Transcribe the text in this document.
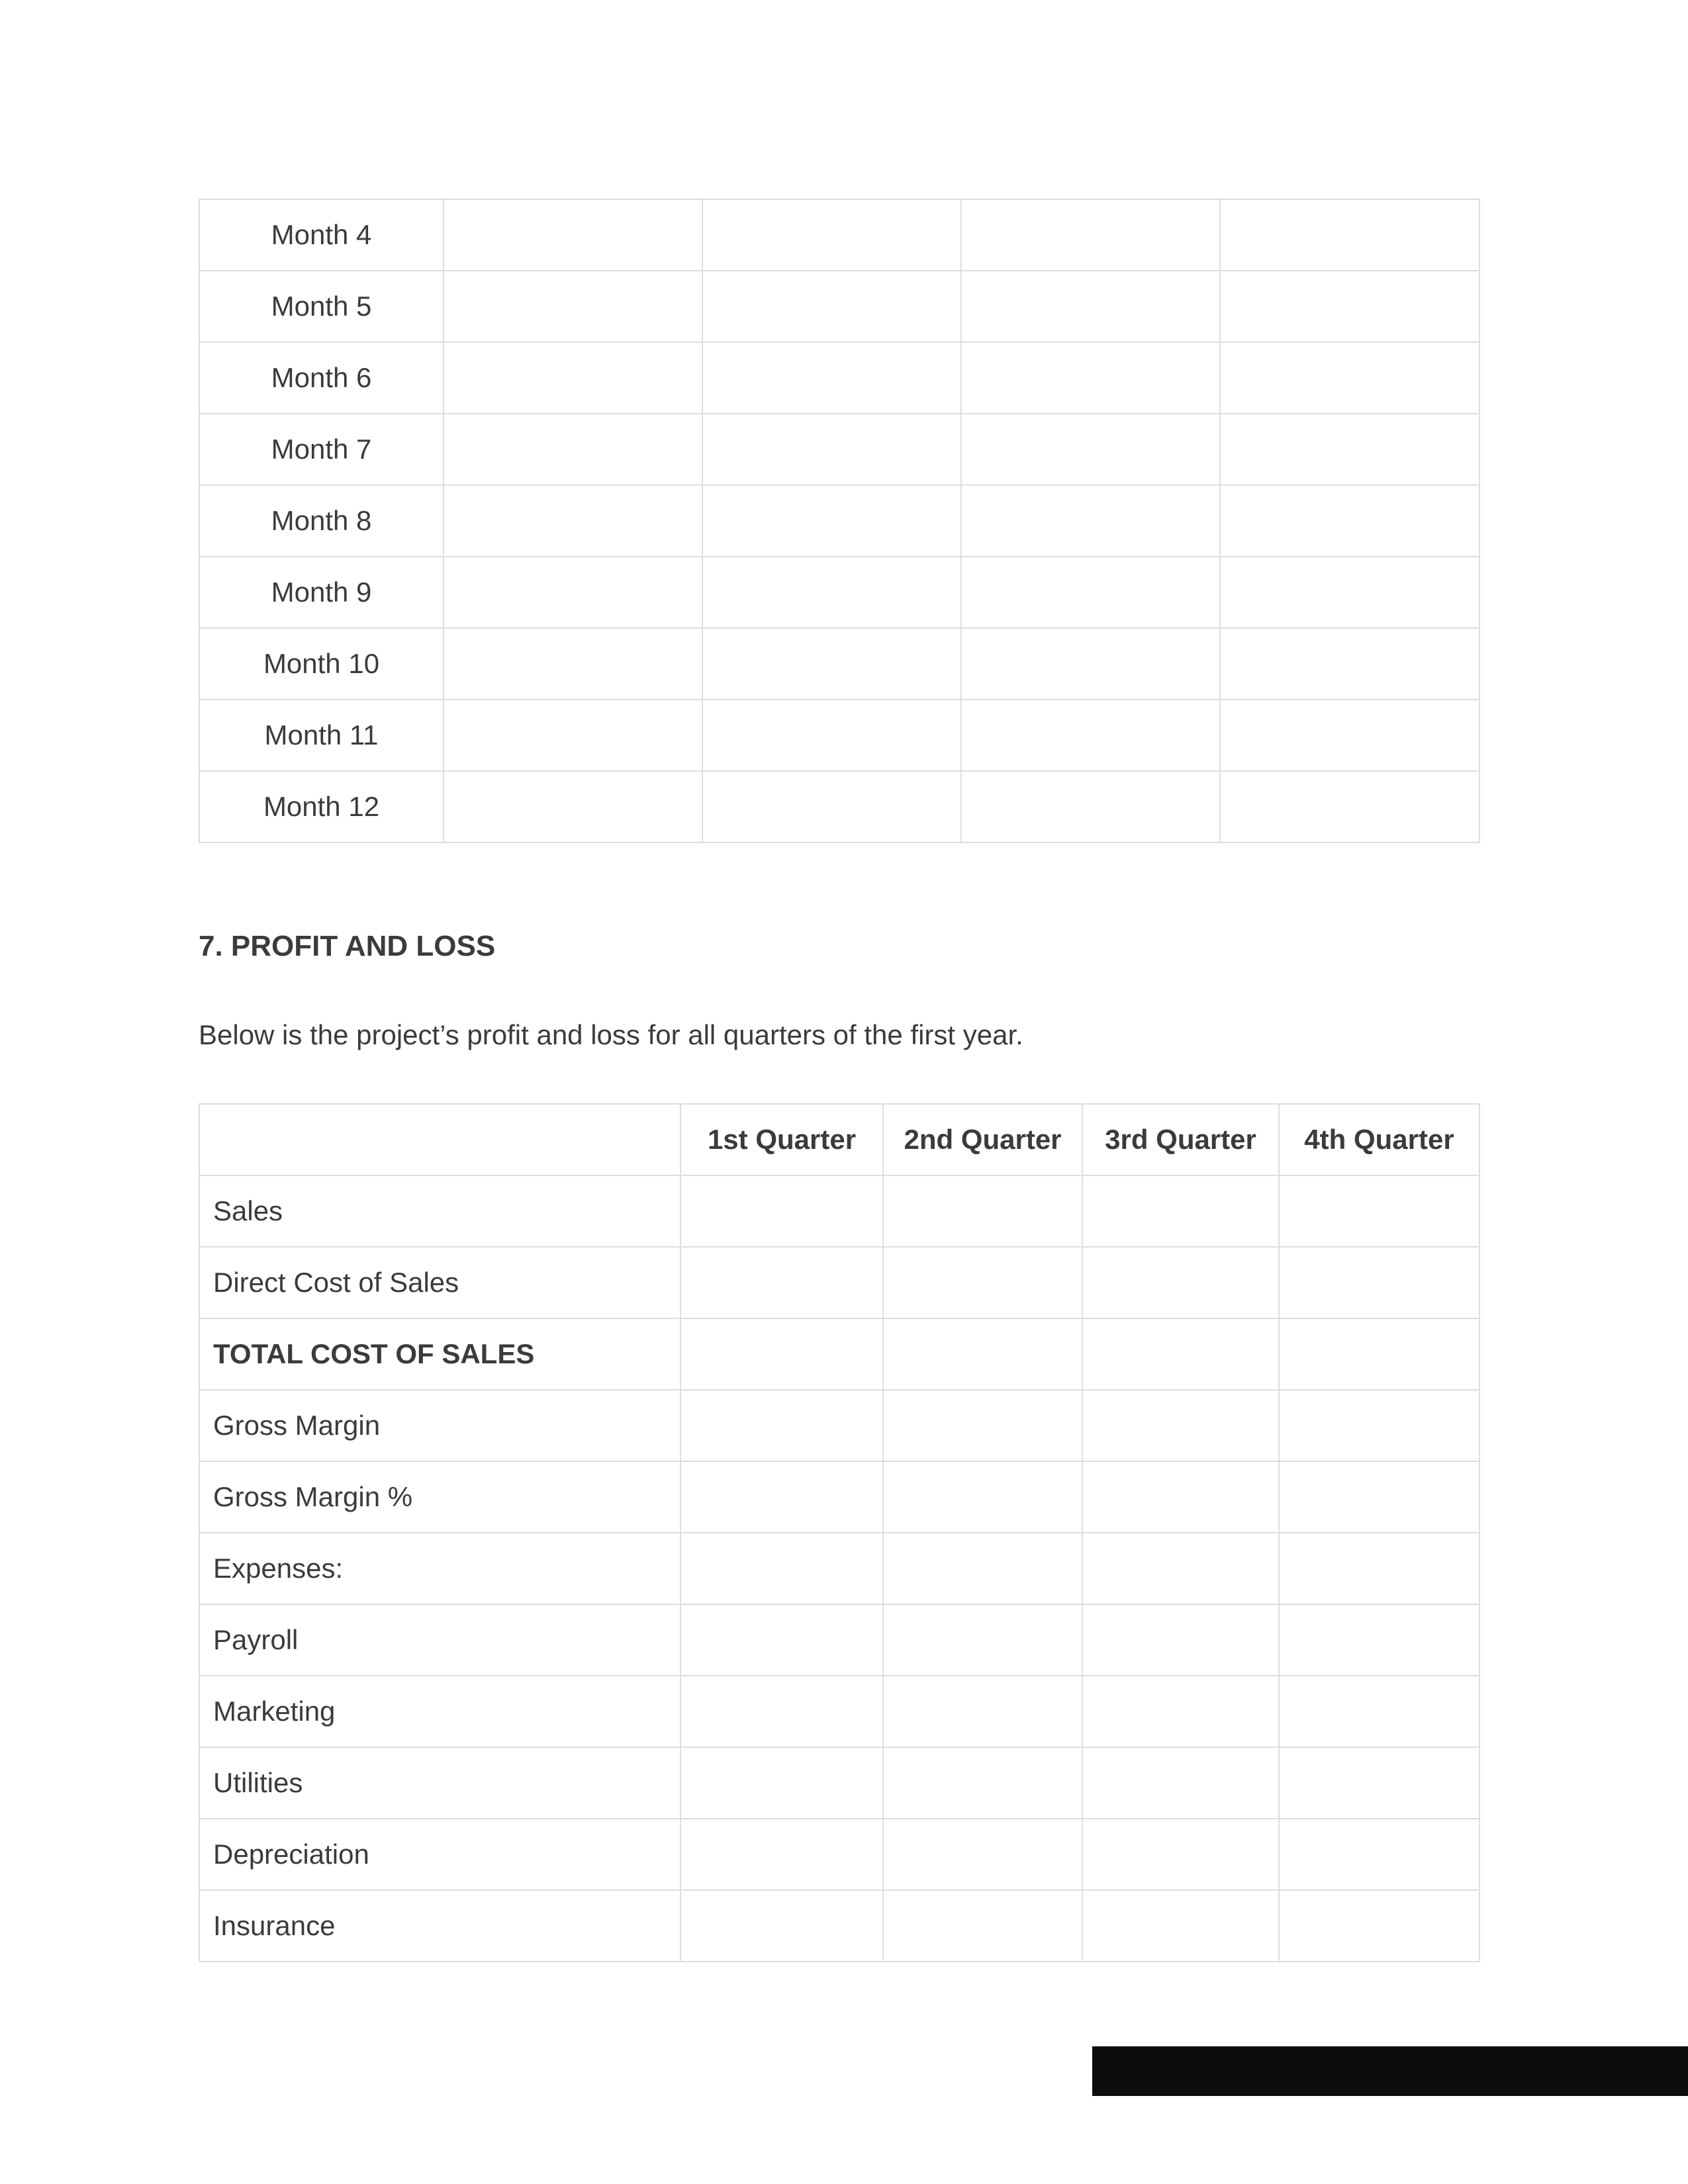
Month 4				
Month 5				
Month 6				
Month 7				
Month 8				
Month 9				
Month 10				
Month 11				
Month 12				
7. PROFIT AND LOSS

Below is the project’s profit and loss for all quarters of the first year.

	1st Quarter	2nd Quarter	3rd Quarter	4th Quarter
Sales				
Direct Cost of Sales				
TOTAL COST OF SALES				
Gross Margin				
Gross Margin %				
Expenses:				
Payroll				
Marketing				
Utilities				
Depreciation				
Insurance				
